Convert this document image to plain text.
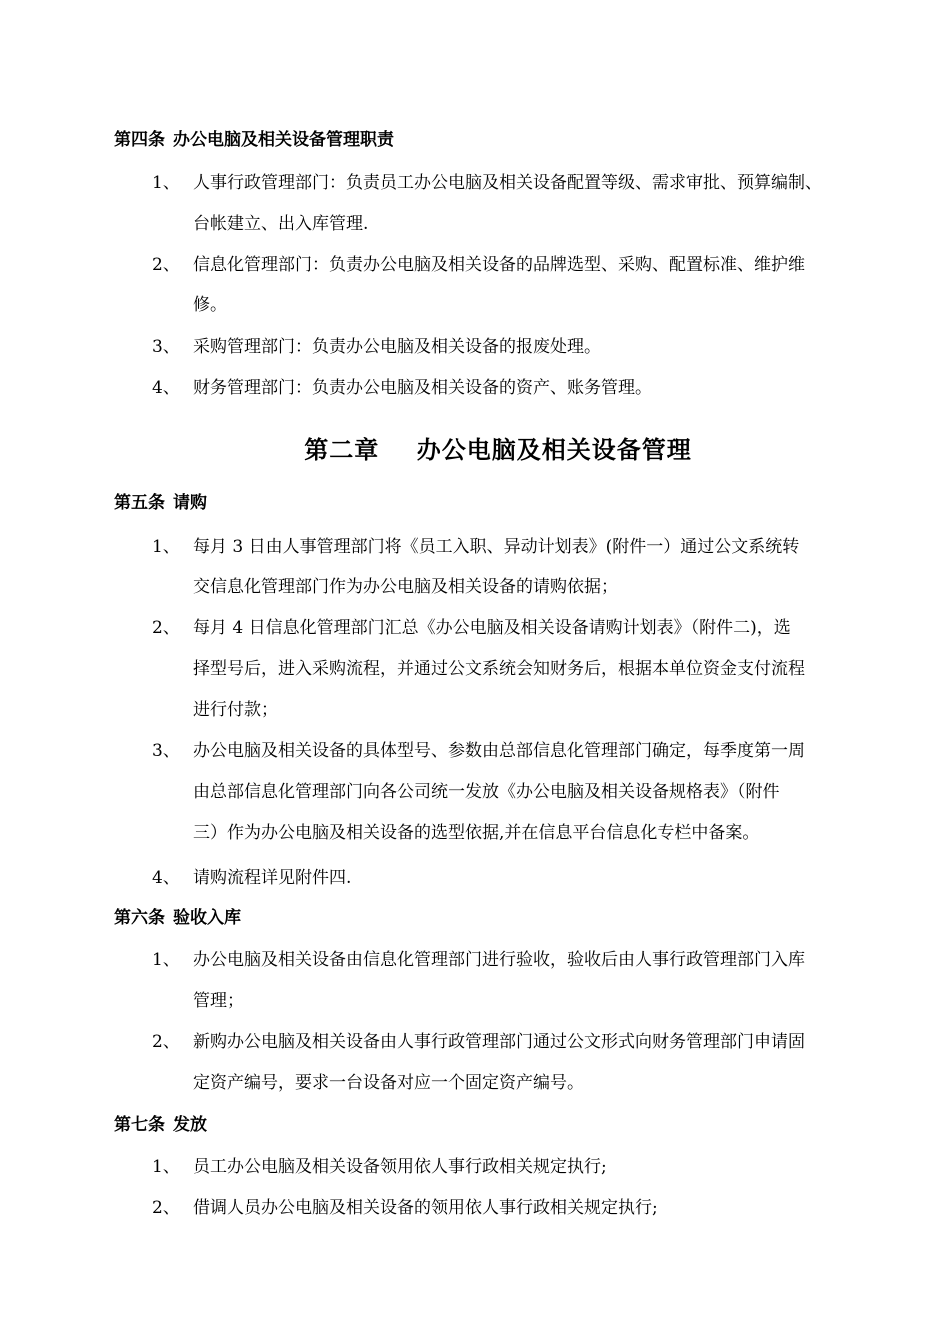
第四条 办公电脑及相关设备管理职责
1、 人事行政管理部门：负责员工办公电脑及相关设备配置等级、需求审批、预算编制、
台帐建立、出入库管理.
2、 信息化管理部门：负责办公电脑及相关设备的品牌选型、采购、配置标准、维护维
修。
3、 采购管理部门：负责办公电脑及相关设备的报废处理。
4、 财务管理部门：负责办公电脑及相关设备的资产、账务管理。
第二章    办公电脑及相关设备管理
第五条 请购
1、 每月 3 日由人事管理部门将《员工入职、异动计划表》(附件一）通过公文系统转
交信息化管理部门作为办公电脑及相关设备的请购依据；
2、 每月 4 日信息化管理部门汇总《办公电脑及相关设备请购计划表》（附件二)，选
择型号后，进入采购流程，并通过公文系统会知财务后，根据本单位资金支付流程
进行付款；
3、 办公电脑及相关设备的具体型号、参数由总部信息化管理部门确定，每季度第一周
由总部信息化管理部门向各公司统一发放《办公电脑及相关设备规格表》（附件
三）作为办公电脑及相关设备的选型依据,并在信息平台信息化专栏中备案。
4、 请购流程详见附件四.
第六条 验收入库
1、 办公电脑及相关设备由信息化管理部门进行验收，验收后由人事行政管理部门入库
管理；
2、 新购办公电脑及相关设备由人事行政管理部门通过公文形式向财务管理部门申请固
定资产编号，要求一台设备对应一个固定资产编号。
第七条 发放
1、 员工办公电脑及相关设备领用依人事行政相关规定执行;
2、 借调人员办公电脑及相关设备的领用依人事行政相关规定执行;
